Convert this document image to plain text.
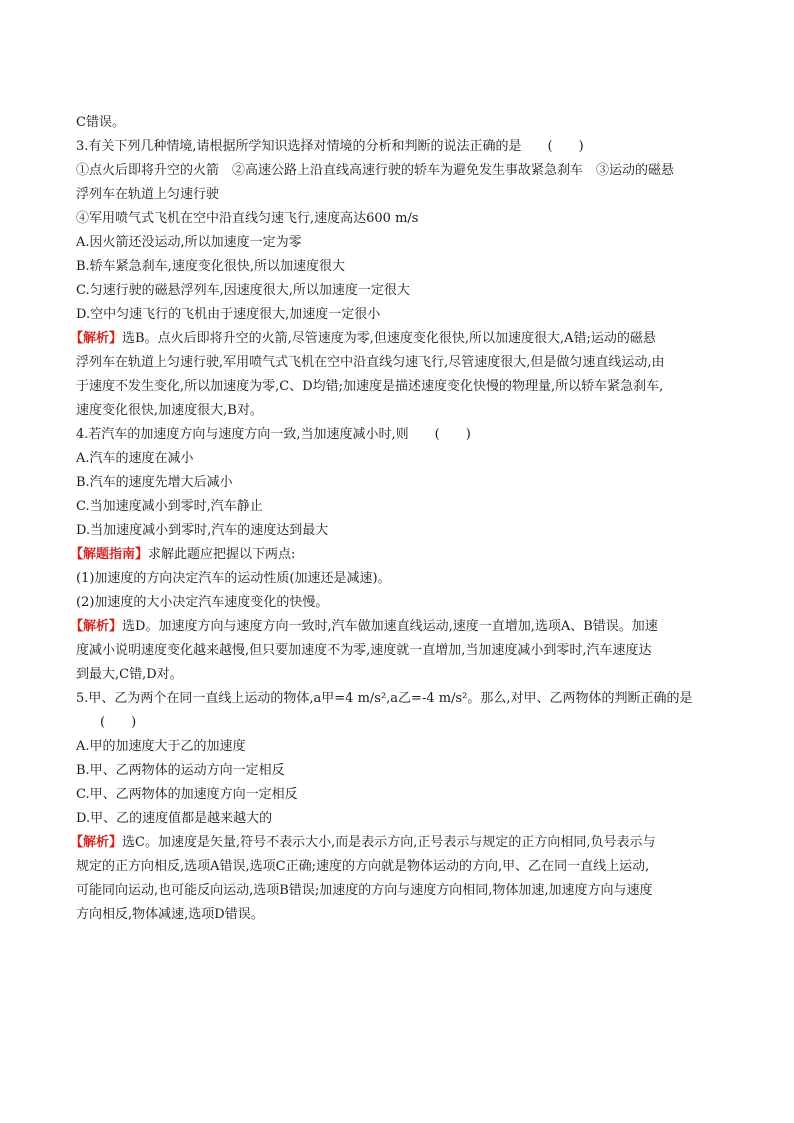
C错误。
3.有关下列几种情境,请根据所学知识选择对情境的分析和判断的说法正确的是　　(　　)
①点火后即将升空的火箭　②高速公路上沿直线高速行驶的轿车为避免发生事故紧急刹车　③运动的磁悬
浮列车在轨道上匀速行驶
④军用喷气式飞机在空中沿直线匀速飞行,速度高达600 m/s
A.因火箭还没运动,所以加速度一定为零
B.轿车紧急刹车,速度变化很快,所以加速度很大
C.匀速行驶的磁悬浮列车,因速度很大,所以加速度一定很大
D.空中匀速飞行的飞机由于速度很大,加速度一定很小
【解析】选B。点火后即将升空的火箭,尽管速度为零,但速度变化很快,所以加速度很大,A错;运动的磁悬
浮列车在轨道上匀速行驶,军用喷气式飞机在空中沿直线匀速飞行,尽管速度很大,但是做匀速直线运动,由
于速度不发生变化,所以加速度为零,C、D均错;加速度是描述速度变化快慢的物理量,所以轿车紧急刹车,
速度变化很快,加速度很大,B对。
4.若汽车的加速度方向与速度方向一致,当加速度减小时,则　　(　　)
A.汽车的速度在减小
B.汽车的速度先增大后减小
C.当加速度减小到零时,汽车静止
D.当加速度减小到零时,汽车的速度达到最大
【解题指南】求解此题应把握以下两点:
(1)加速度的方向决定汽车的运动性质(加速还是减速)。
(2)加速度的大小决定汽车速度变化的快慢。
【解析】选D。加速度方向与速度方向一致时,汽车做加速直线运动,速度一直增加,选项A、B错误。加速
度减小说明速度变化越来越慢,但只要加速度不为零,速度就一直增加,当加速度减小到零时,汽车速度达
到最大,C错,D对。
5.甲、乙为两个在同一直线上运动的物体,a甲=4 m/s²,a乙=-4 m/s²。那么,对甲、乙两物体的判断正确的是
(　　)
A.甲的加速度大于乙的加速度
B.甲、乙两物体的运动方向一定相反
C.甲、乙两物体的加速度方向一定相反
D.甲、乙的速度值都是越来越大的
【解析】选C。加速度是矢量,符号不表示大小,而是表示方向,正号表示与规定的正方向相同,负号表示与
规定的正方向相反,选项A错误,选项C正确;速度的方向就是物体运动的方向,甲、乙在同一直线上运动,
可能同向运动,也可能反向运动,选项B错误;加速度的方向与速度方向相同,物体加速,加速度方向与速度
方向相反,物体减速,选项D错误。
